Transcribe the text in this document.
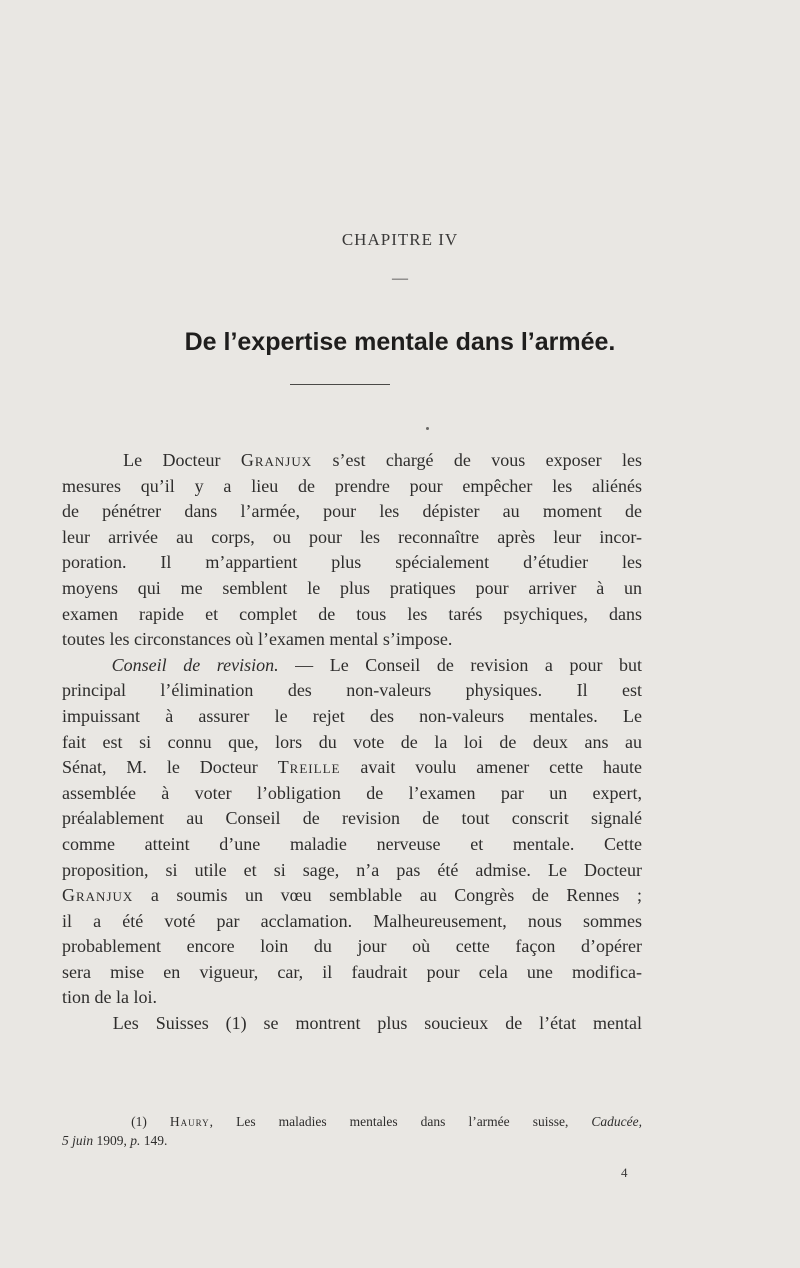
CHAPITRE IV
—
De l’expertise mentale dans l’armée.
Le Docteur Granjux s’est chargé de vous exposer les
mesures qu’il y a lieu de prendre pour empêcher les aliénés
de pénétrer dans l’armée, pour les dépister au moment de
leur arrivée au corps, ou pour les reconnaître après leur incor-
poration. Il m’appartient plus spécialement d’étudier les
moyens qui me semblent le plus pratiques pour arriver à un
examen rapide et complet de tous les tarés psychiques, dans
toutes les circonstances où l’examen mental s’impose.
Conseil de revision. — Le Conseil de revision a pour but
principal l’élimination des non-valeurs physiques. Il est
impuissant à assurer le rejet des non-valeurs mentales. Le
fait est si connu que, lors du vote de la loi de deux ans au
Sénat, M. le Docteur Treille avait voulu amener cette haute
assemblée à voter l’obligation de l’examen par un expert,
préalablement au Conseil de revision de tout conscrit signalé
comme atteint d’une maladie nerveuse et mentale. Cette
proposition, si utile et si sage, n’a pas été admise. Le Docteur
Granjux a soumis un vœu semblable au Congrès de Rennes ;
il a été voté par acclamation. Malheureusement, nous sommes
probablement encore loin du jour où cette façon d’opérer
sera mise en vigueur, car, il faudrait pour cela une modifica-
tion de la loi.
Les Suisses (1) se montrent plus soucieux de l’état mental
(1) Haury, Les maladies mentales dans l’armée suisse, Caducée,
5 juin 1909, p. 149.
4
